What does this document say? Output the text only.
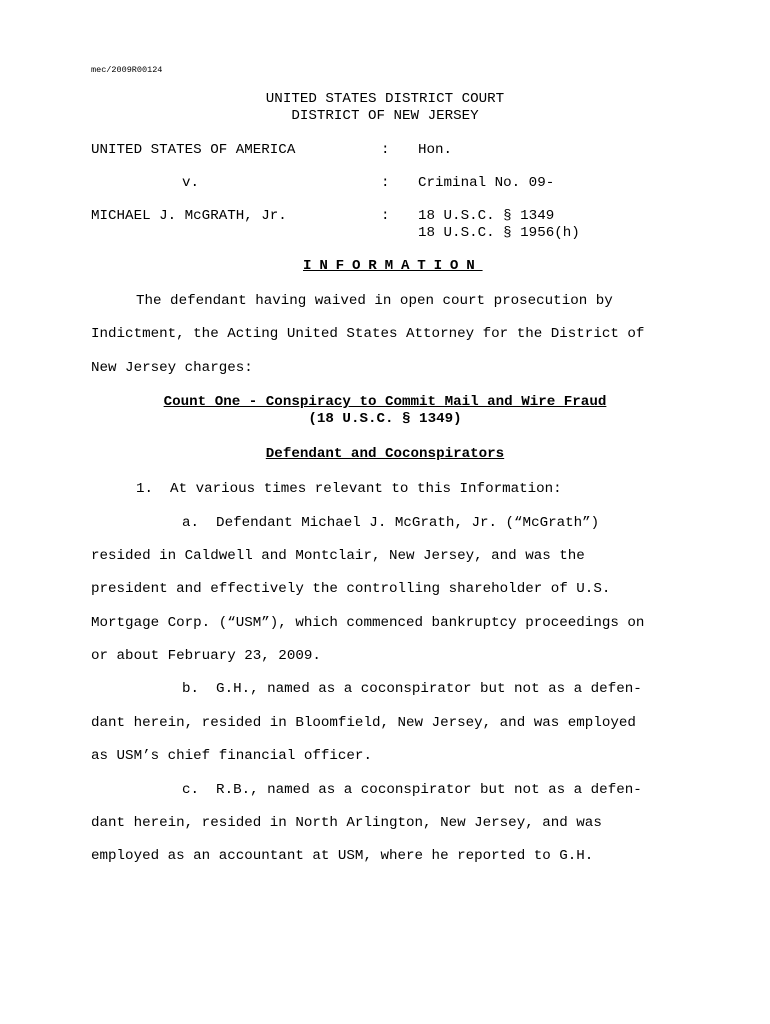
mec/2009R00124
UNITED STATES DISTRICT COURT
DISTRICT OF NEW JERSEY
UNITED STATES OF AMERICA	: Hon.
v.	: Criminal No. 09-
MICHAEL J. McGRATH, Jr.	: 18 U.S.C. § 1349
18 U.S.C. § 1956(h)
INFORMATION
The defendant having waived in open court prosecution by
Indictment, the Acting United States Attorney for the District of
New Jersey charges:
Count One - Conspiracy to Commit Mail and Wire Fraud
(18 U.S.C. § 1349)
Defendant and Coconspirators
1.  At various times relevant to this Information:
a.  Defendant Michael J. McGrath, Jr. (“McGrath”)
resided in Caldwell and Montclair, New Jersey, and was the
president and effectively the controlling shareholder of U.S.
Mortgage Corp. (“USM”), which commenced bankruptcy proceedings on
or about February 23, 2009.
b.  G.H., named as a coconspirator but not as a defen-
dant herein, resided in Bloomfield, New Jersey, and was employed
as USM’s chief financial officer.
c.  R.B., named as a coconspirator but not as a defen-
dant herein, resided in North Arlington, New Jersey, and was
employed as an accountant at USM, where he reported to G.H.
